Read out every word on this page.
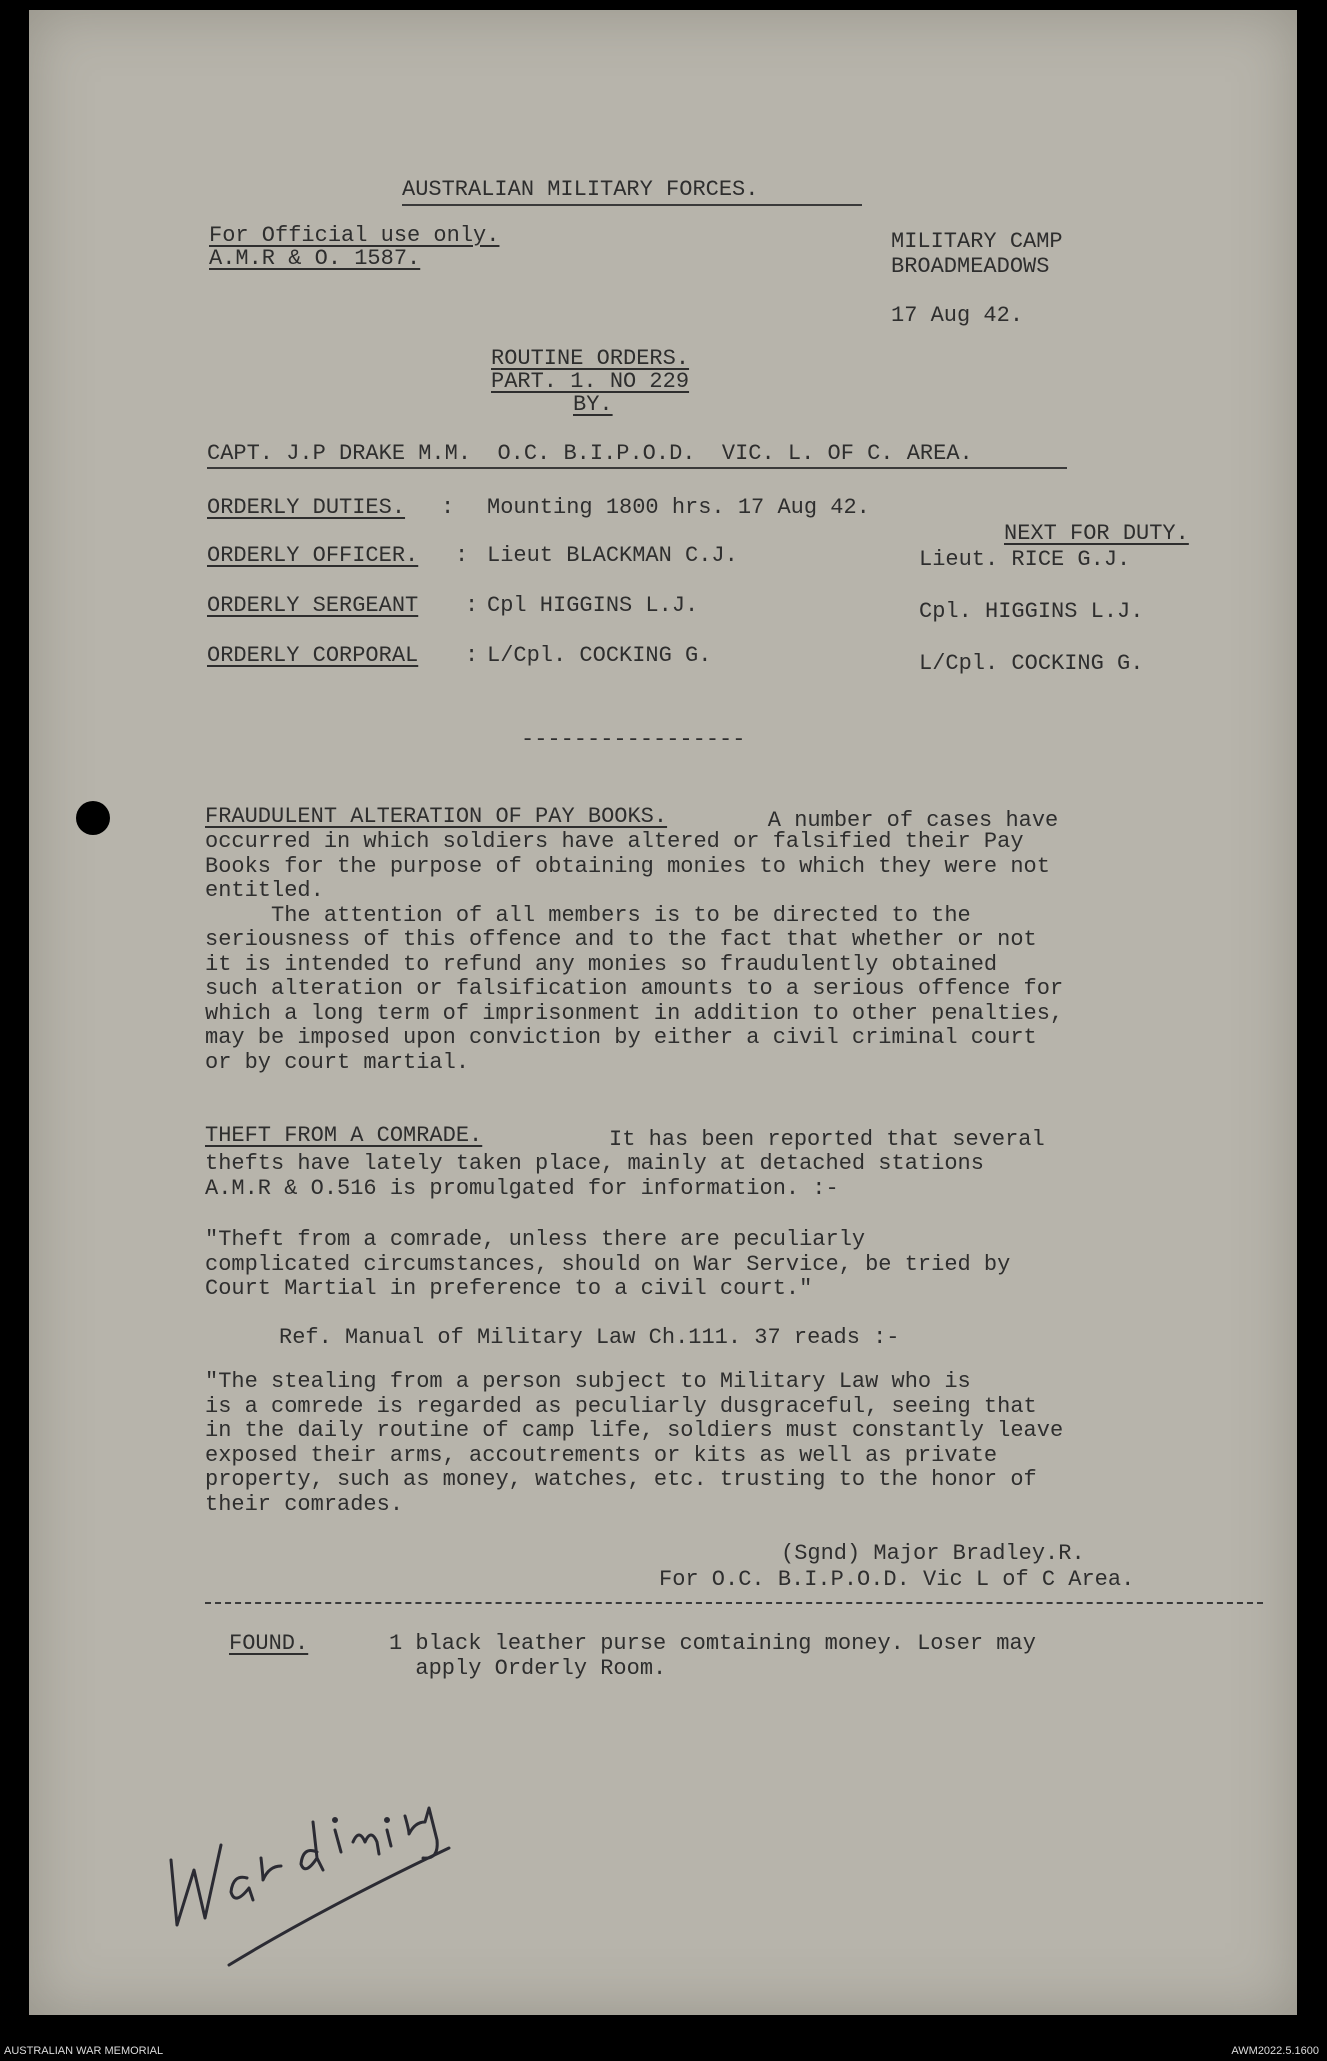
AUSTRALIAN MILITARY FORCES.
For Official use only.
A.M.R & O. 1587.
MILITARY CAMP
BROADMEADOWS
17 Aug 42.
ROUTINE ORDERS.
PART. 1. NO 229
BY.
CAPT. J.P DRAKE M.M.  O.C. B.I.P.O.D.  VIC. L. OF C. AREA.
NEXT FOR DUTY.
ORDERLY DUTIES. : Mounting 1800 hrs. 17 Aug 42.
ORDERLY OFFICER. : Lieut BLACKMAN C.J.	Lieut. RICE G.J.
ORDERLY SERGEANT : Cpl HIGGINS L.J.	Cpl. HIGGINS L.J.
ORDERLY CORPORAL : L/Cpl. COCKING G.	L/Cpl. COCKING G.
-----------------
FRAUDULENT ALTERATION OF PAY BOOKS. A number of cases have
occurred in which soldiers have altered or falsified their Pay
Books for the purpose of obtaining monies to which they were not
entitled.
The attention of all members is to be directed to the
seriousness of this offence and to the fact that whether or not
it is intended to refund any monies so fraudulently obtained
such alteration or falsification amounts to a serious offence for
which a long term of imprisonment in addition to other penalties,
may be imposed upon conviction by either a civil criminal court
or by court martial.
THEFT FROM A COMRADE.	It has been reported that several
thefts have lately taken place, mainly at detached stations
A.M.R & O.516 is promulgated for information. :-
"Theft from a comrade, unless there are peculiarly
complicated circumstances, should on War Service, be tried by
Court Martial in preference to a civil court."
Ref. Manual of Military Law Ch.111. 37 reads :-
"The stealing from a person subject to Military Law who is
is a comrede is regarded as peculiarly dusgraceful, seeing that
in the daily routine of camp life, soldiers must constantly leave
exposed their arms, accoutrements or kits as well as private
property, such as money, watches, etc. trusting to the honor of
their comrades.
(Sgnd) Major Bradley.R.
For O.C. B.I.P.O.D. Vic L of C Area.
FOUND.	1 black leather purse comtaining money. Loser may
apply Orderly Room.
AUSTRALIAN WAR MEMORIAL	AWM2022.5.1600
